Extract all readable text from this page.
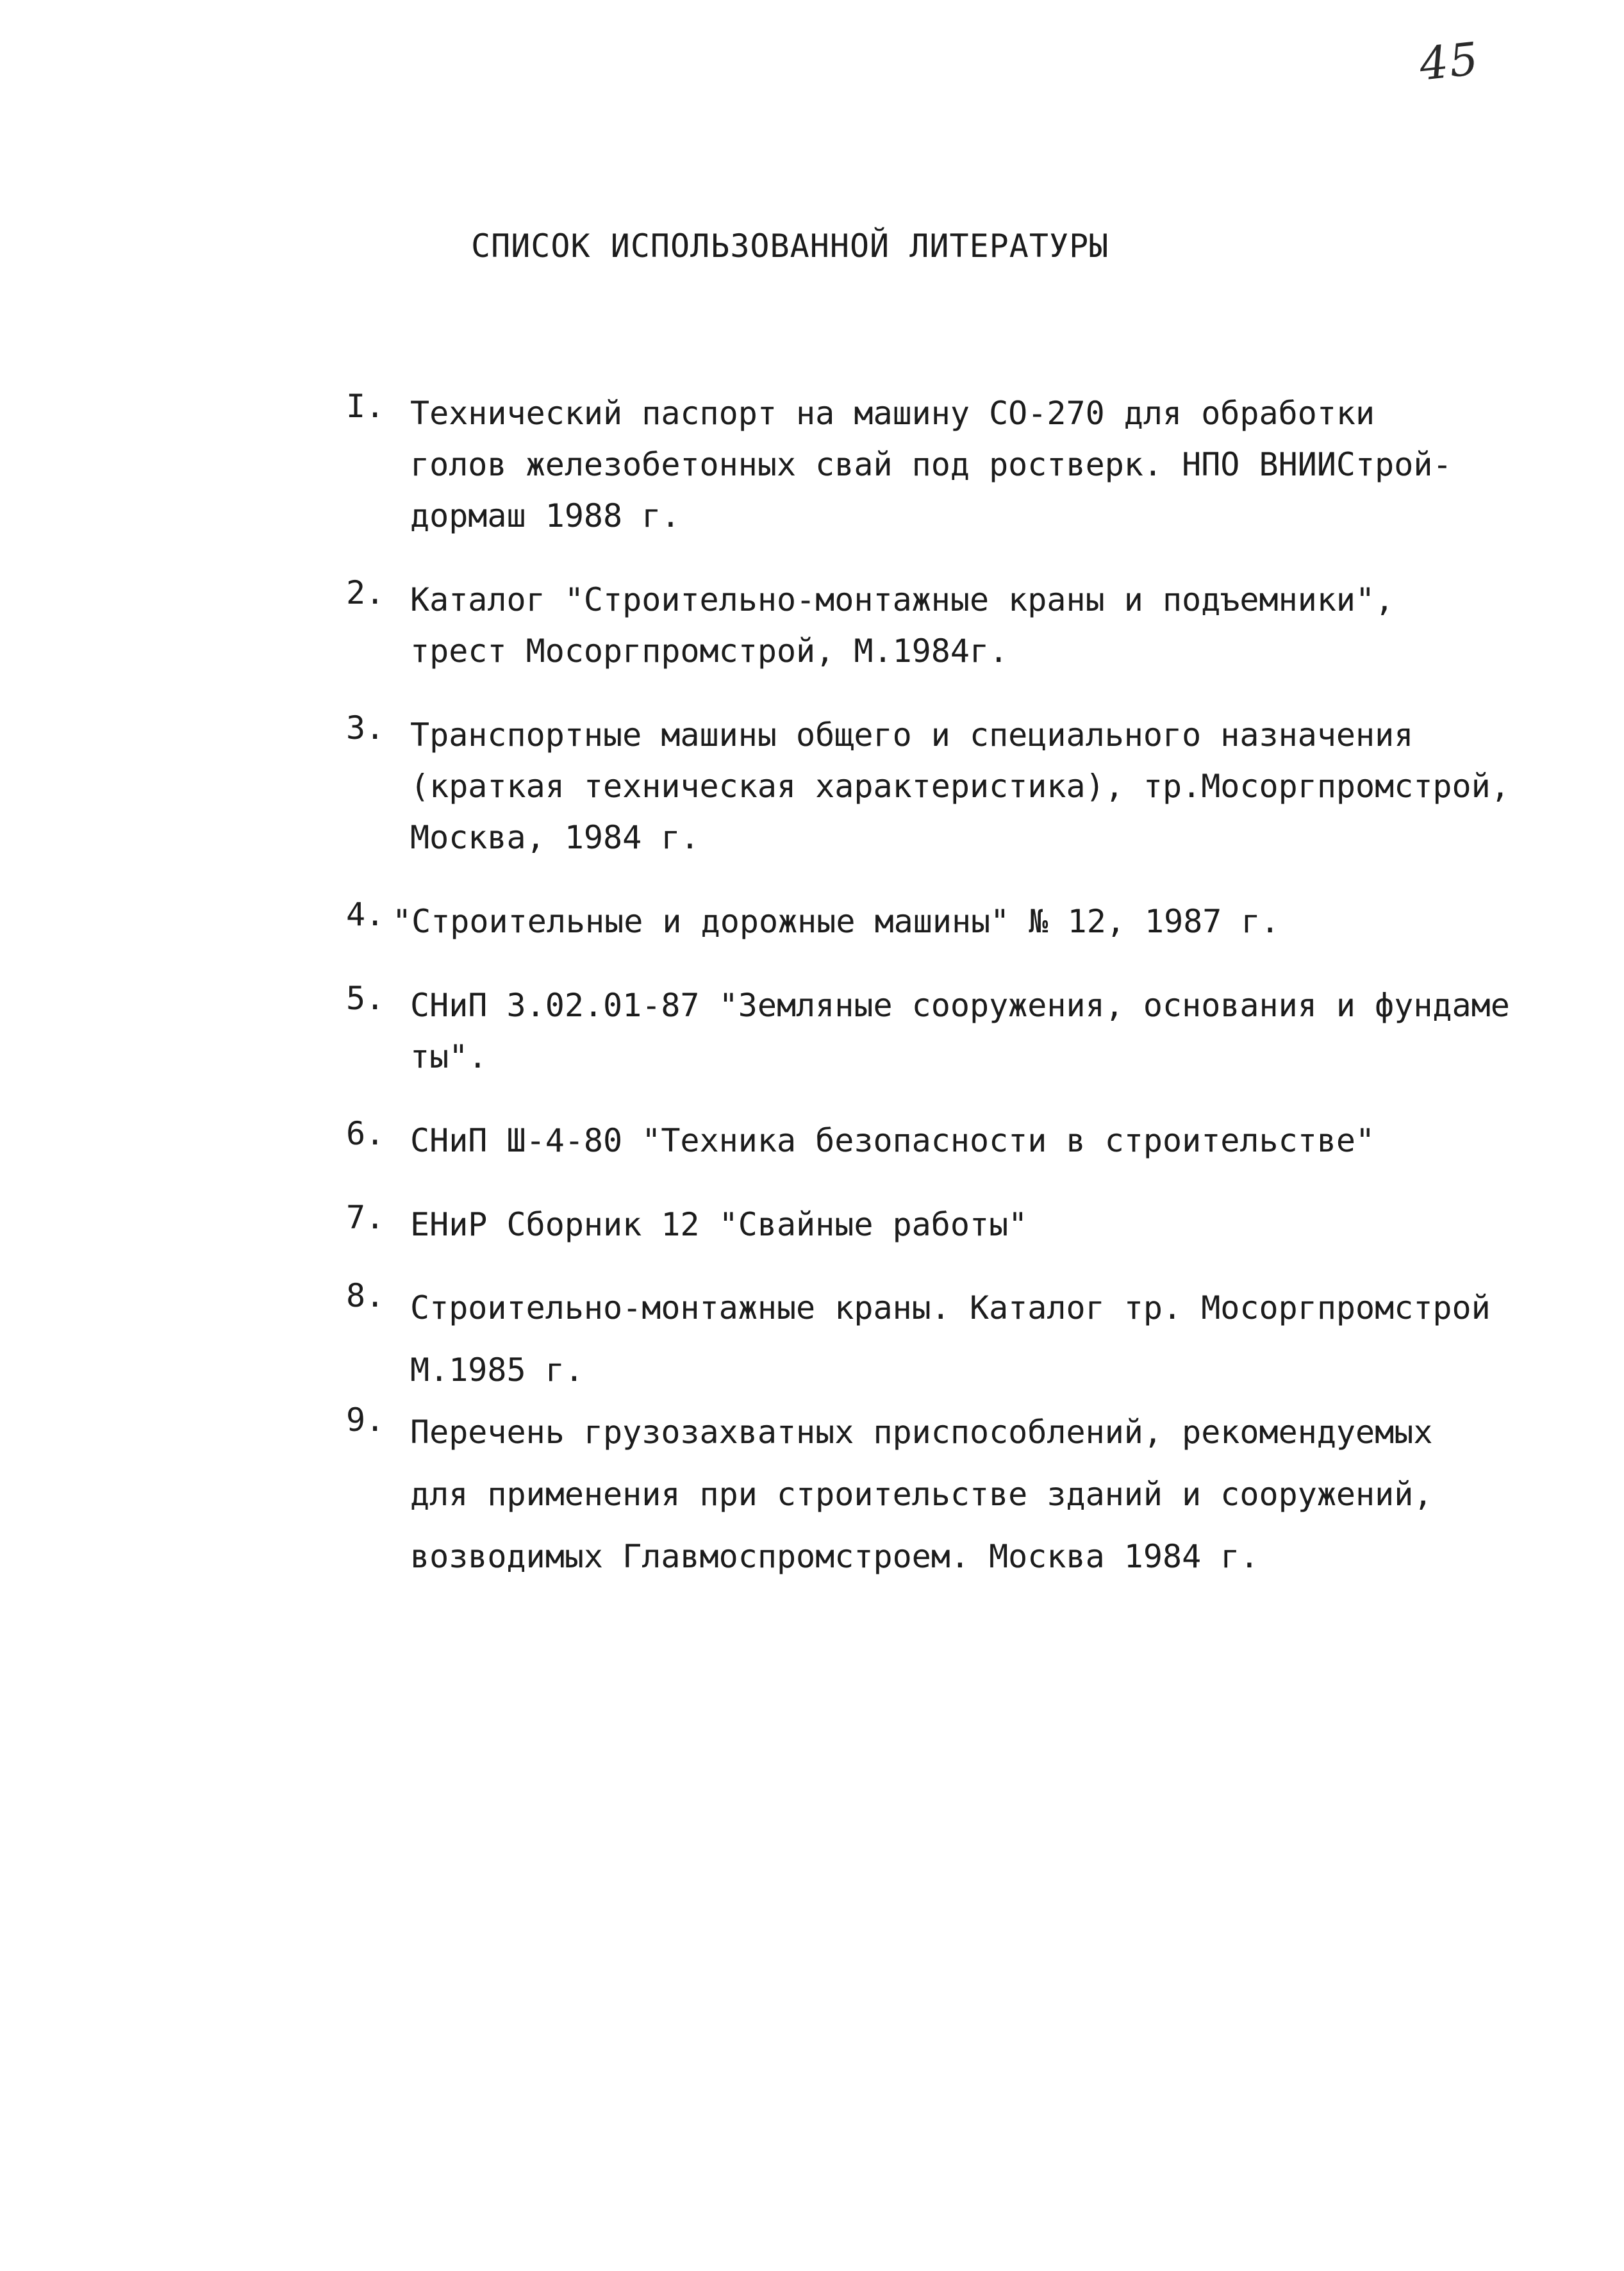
45
СПИСОК ИСПОЛЬЗОВАННОЙ ЛИТЕРАТУРЫ
I. Технический паспорт на машину СО-270 для обработки
голов железобетонных свай под ростверк. НПО ВНИИСтрой-
дормаш 1988 г.
2. Каталог "Строительно-монтажные краны и подъемники",
трест Мосоргпромстрой, М.1984г.
3. Транспортные машины общего и специального назначения
(краткая техническая характеристика), тр.Мосоргпромстрой,
Москва, 1984 г.
4. "Строительные и дорожные машины" № 12, 1987 г.
5. СНиП 3.02.01-87 "Земляные сооружения, основания и фундаме
ты".
6. СНиП Ш-4-80 "Техника безопасности в строительстве"
7. ЕНиР Сборник 12 "Свайные работы"
8. Строительно-монтажные краны. Каталог тр. Мосоргпромстрой
М.1985 г.
9. Перечень грузозахватных приспособлений, рекомендуемых
для применения при строительстве зданий и сооружений,
возводимых Главмоспромстроем. Москва 1984 г.
